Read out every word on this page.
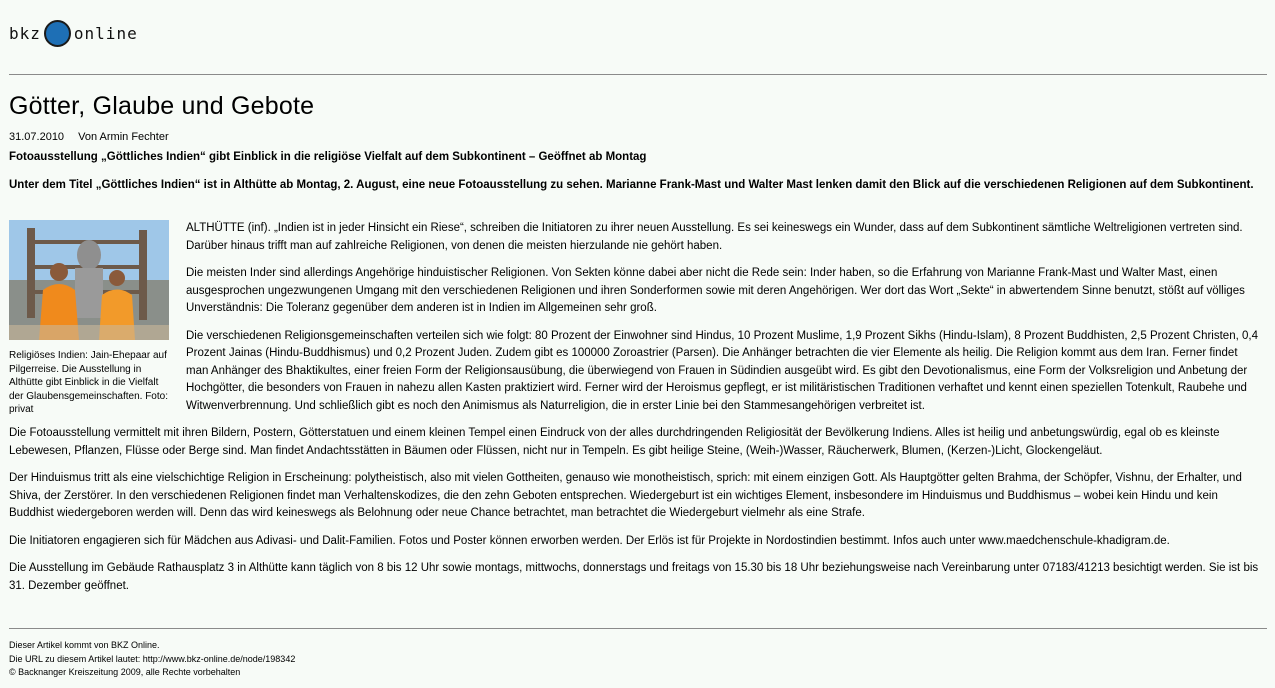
bkz online
Götter, Glaube und Gebote
31.07.2010 Von Armin Fechter
Fotoausstellung „Göttliches Indien“ gibt Einblick in die religiöse Vielfalt auf dem Subkontinent – Geöffnet ab Montag
Unter dem Titel „Göttliches Indien“ ist in Althütte ab Montag, 2. August, eine neue Fotoausstellung zu sehen. Marianne Frank-Mast und Walter Mast lenken damit den Blick auf die verschiedenen Religionen auf dem Subkontinent.
Religiöses Indien: Jain-Ehepaar auf Pilgerreise. Die Ausstellung in Althütte gibt Einblick in die Vielfalt der Glaubensgemeinschaften. Foto: privat

ALTHÜTTE (inf). „Indien ist in jeder Hinsicht ein Riese“, schreiben die Initiatoren zu ihrer neuen Ausstellung. Es sei keineswegs ein Wunder, dass auf dem Subkontinent sämtliche Weltreligionen vertreten sind. Darüber hinaus trifft man auf zahlreiche Religionen, von denen die meisten hierzulande nie gehört haben.

Die meisten Inder sind allerdings Angehörige hinduistischer Religionen. Von Sekten könne dabei aber nicht die Rede sein: Inder haben, so die Erfahrung von Marianne Frank-Mast und Walter Mast, einen ausgesprochen ungezwungenen Umgang mit den verschiedenen Religionen und ihren Sonderformen sowie mit deren Angehörigen. Wer dort das Wort „Sekte“ in abwertendem Sinne benutzt, stößt auf völliges Unverständnis: Die Toleranz gegenüber dem anderen ist in Indien im Allgemeinen sehr groß.

Die verschiedenen Religionsgemeinschaften verteilen sich wie folgt: 80 Prozent der Einwohner sind Hindus, 10 Prozent Muslime, 1,9 Prozent Sikhs (Hindu-Islam), 8 Prozent Buddhisten, 2,5 Prozent Christen, 0,4 Prozent Jainas (Hindu-Buddhismus) und 0,2 Prozent Juden. Zudem gibt es 100000 Zoroastrier (Parsen). Die Anhänger betrachten die vier Elemente als heilig. Die Religion kommt aus dem Iran. Ferner findet man Anhänger des Bhaktikultes, einer freien Form der Religionsausübung, die überwiegend von Frauen in Südindien ausgeübt wird. Es gibt den Devotionalismus, eine Form der Volksreligion und Anbetung der Hochgötter, die besonders von Frauen in nahezu allen Kasten praktiziert wird. Ferner wird der Heroismus gepflegt, er ist militäristischen Traditionen verhaftet und kennt einen speziellen Totenkult, Raubehe und Witwenverbrennung. Und schließlich gibt es noch den Animismus als Naturreligion, die in erster Linie bei den Stammesangehörigen verbreitet ist.

Die Fotoausstellung vermittelt mit ihren Bildern, Postern, Götterstatuen und einem kleinen Tempel einen Eindruck von der alles durchdringenden Religiosität der Bevölkerung Indiens. Alles ist heilig und anbetungswürdig, egal ob es kleinste Lebewesen, Pflanzen, Flüsse oder Berge sind. Man findet Andachtsstätten in Bäumen oder Flüssen, nicht nur in Tempeln. Es gibt heilige Steine, (Weih-)Wasser, Räucherwerk, Blumen, (Kerzen-)Licht, Glockengeläut.

Der Hinduismus tritt als eine vielschichtige Religion in Erscheinung: polytheistisch, also mit vielen Gottheiten, genauso wie monotheistisch, sprich: mit einem einzigen Gott. Als Hauptgötter gelten Brahma, der Schöpfer, Vishnu, der Erhalter, und Shiva, der Zerstörer. In den verschiedenen Religionen findet man Verhaltenskodizes, die den zehn Geboten entsprechen. Wiedergeburt ist ein wichtiges Element, insbesondere im Hinduismus und Buddhismus – wobei kein Hindu und kein Buddhist wiedergeboren werden will. Denn das wird keineswegs als Belohnung oder neue Chance betrachtet, man betrachtet die Wiedergeburt vielmehr als eine Strafe.

Die Initiatoren engagieren sich für Mädchen aus Adivasi- und Dalit-Familien. Fotos und Poster können erworben werden. Der Erlös ist für Projekte in Nordostindien bestimmt. Infos auch unter www.maedchenschule-khadigram.de.

Die Ausstellung im Gebäude Rathausplatz 3 in Althütte kann täglich von 8 bis 12 Uhr sowie montags, mittwochs, donnerstags und freitags von 15.30 bis 18 Uhr beziehungsweise nach Vereinbarung unter 07183/41213 besichtigt werden. Sie ist bis 31. Dezember geöffnet.

Dieser Artikel kommt von BKZ Online.
Die URL zu diesem Artikel lautet: http://www.bkz-online.de/node/198342
© Backnanger Kreiszeitung 2009, alle Rechte vorbehalten
